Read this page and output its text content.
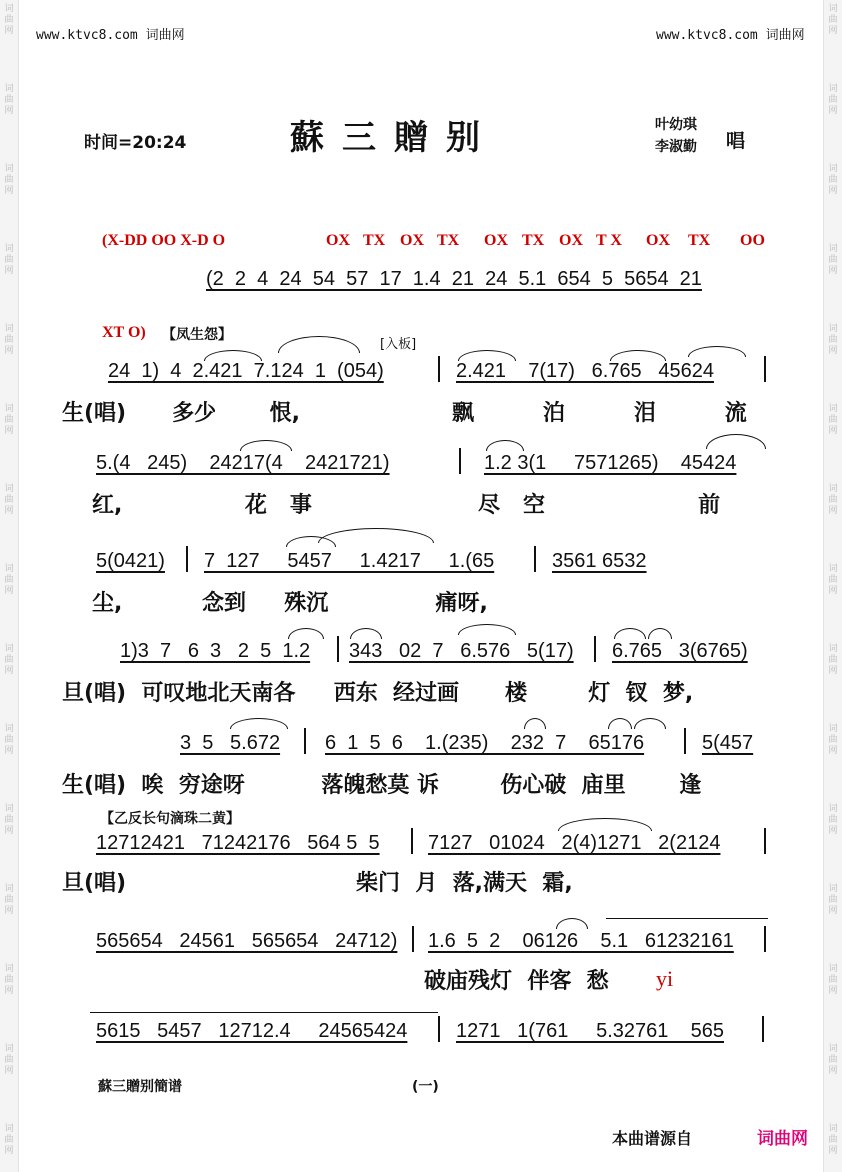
词
曲
网
词
曲
网
词
曲
网
词
曲
网
词
曲
网
词
曲
网
词
曲
网
词
曲
网
词
曲
网
词
曲
网
词
曲
网
词
曲
网
词
曲
网
词
曲
网
词
曲
网
词
曲
网
词
曲
网
词
曲
网
词
曲
网
词
曲
网
词
曲
网
词
曲
网
词
曲
网
词
曲
网
词
曲
网
词
曲
网
词
曲
网
词
曲
网
词
曲
网
词
曲
网
www.ktvc8.com 词曲网	www.ktvc8.com 词曲网
时间=20:24	蘇三贈别	叶幼琪
李淑勤 唱
(X-DD OO X-D O	OX TX OX TX OX TX OX T X OX TX OO
(2  2  4  24  54  57  17  1.4  21  24  5.1  654  5  5654  21
XT O) 【凤生怨】
[入板]
24  1)  4  2.421  7.124  1  (054)	2.421    7(17)   6.765   45624
生(唱)      多少       恨,	飘         泊         泪         流
5.(4   245)    24217(4    2421721)	1.2 3(1     7571265)    45424
红,                花   事	尽   空                    前
5(0421) 7  127     5457     1.4217     1.(65	3561 6532
尘,	念到     殊沉              痛呀,
1)3  7   6  3   2  5  1.2 343   02  7   6.576   5(17) 6.765   3(6765)
旦(唱)  可叹地北天南各     西东  经过画      楼        灯  钗  梦,
3  5   5.672 6  1  5  6    1.(235)    232  7    65176	5(457
生(唱)  唉  穷途呀          落魄愁莫 诉        伤心破  庙里       逢
【乙反长句滴珠二黄】
12712421   71242176   564 5  5 7127   01024   2(4)1271   2(2124
旦(唱)	柴门  月  落,满天  霜,
565654   24561   565654   24712) 1.6  5  2    06126    5.1   61232161
破庙残灯  伴客  愁 yi
5615   5457   12712.4     24565424 1271   1(761     5.32761    565
蘇三贈别簡谱	(一)
本曲谱源自	词曲网
